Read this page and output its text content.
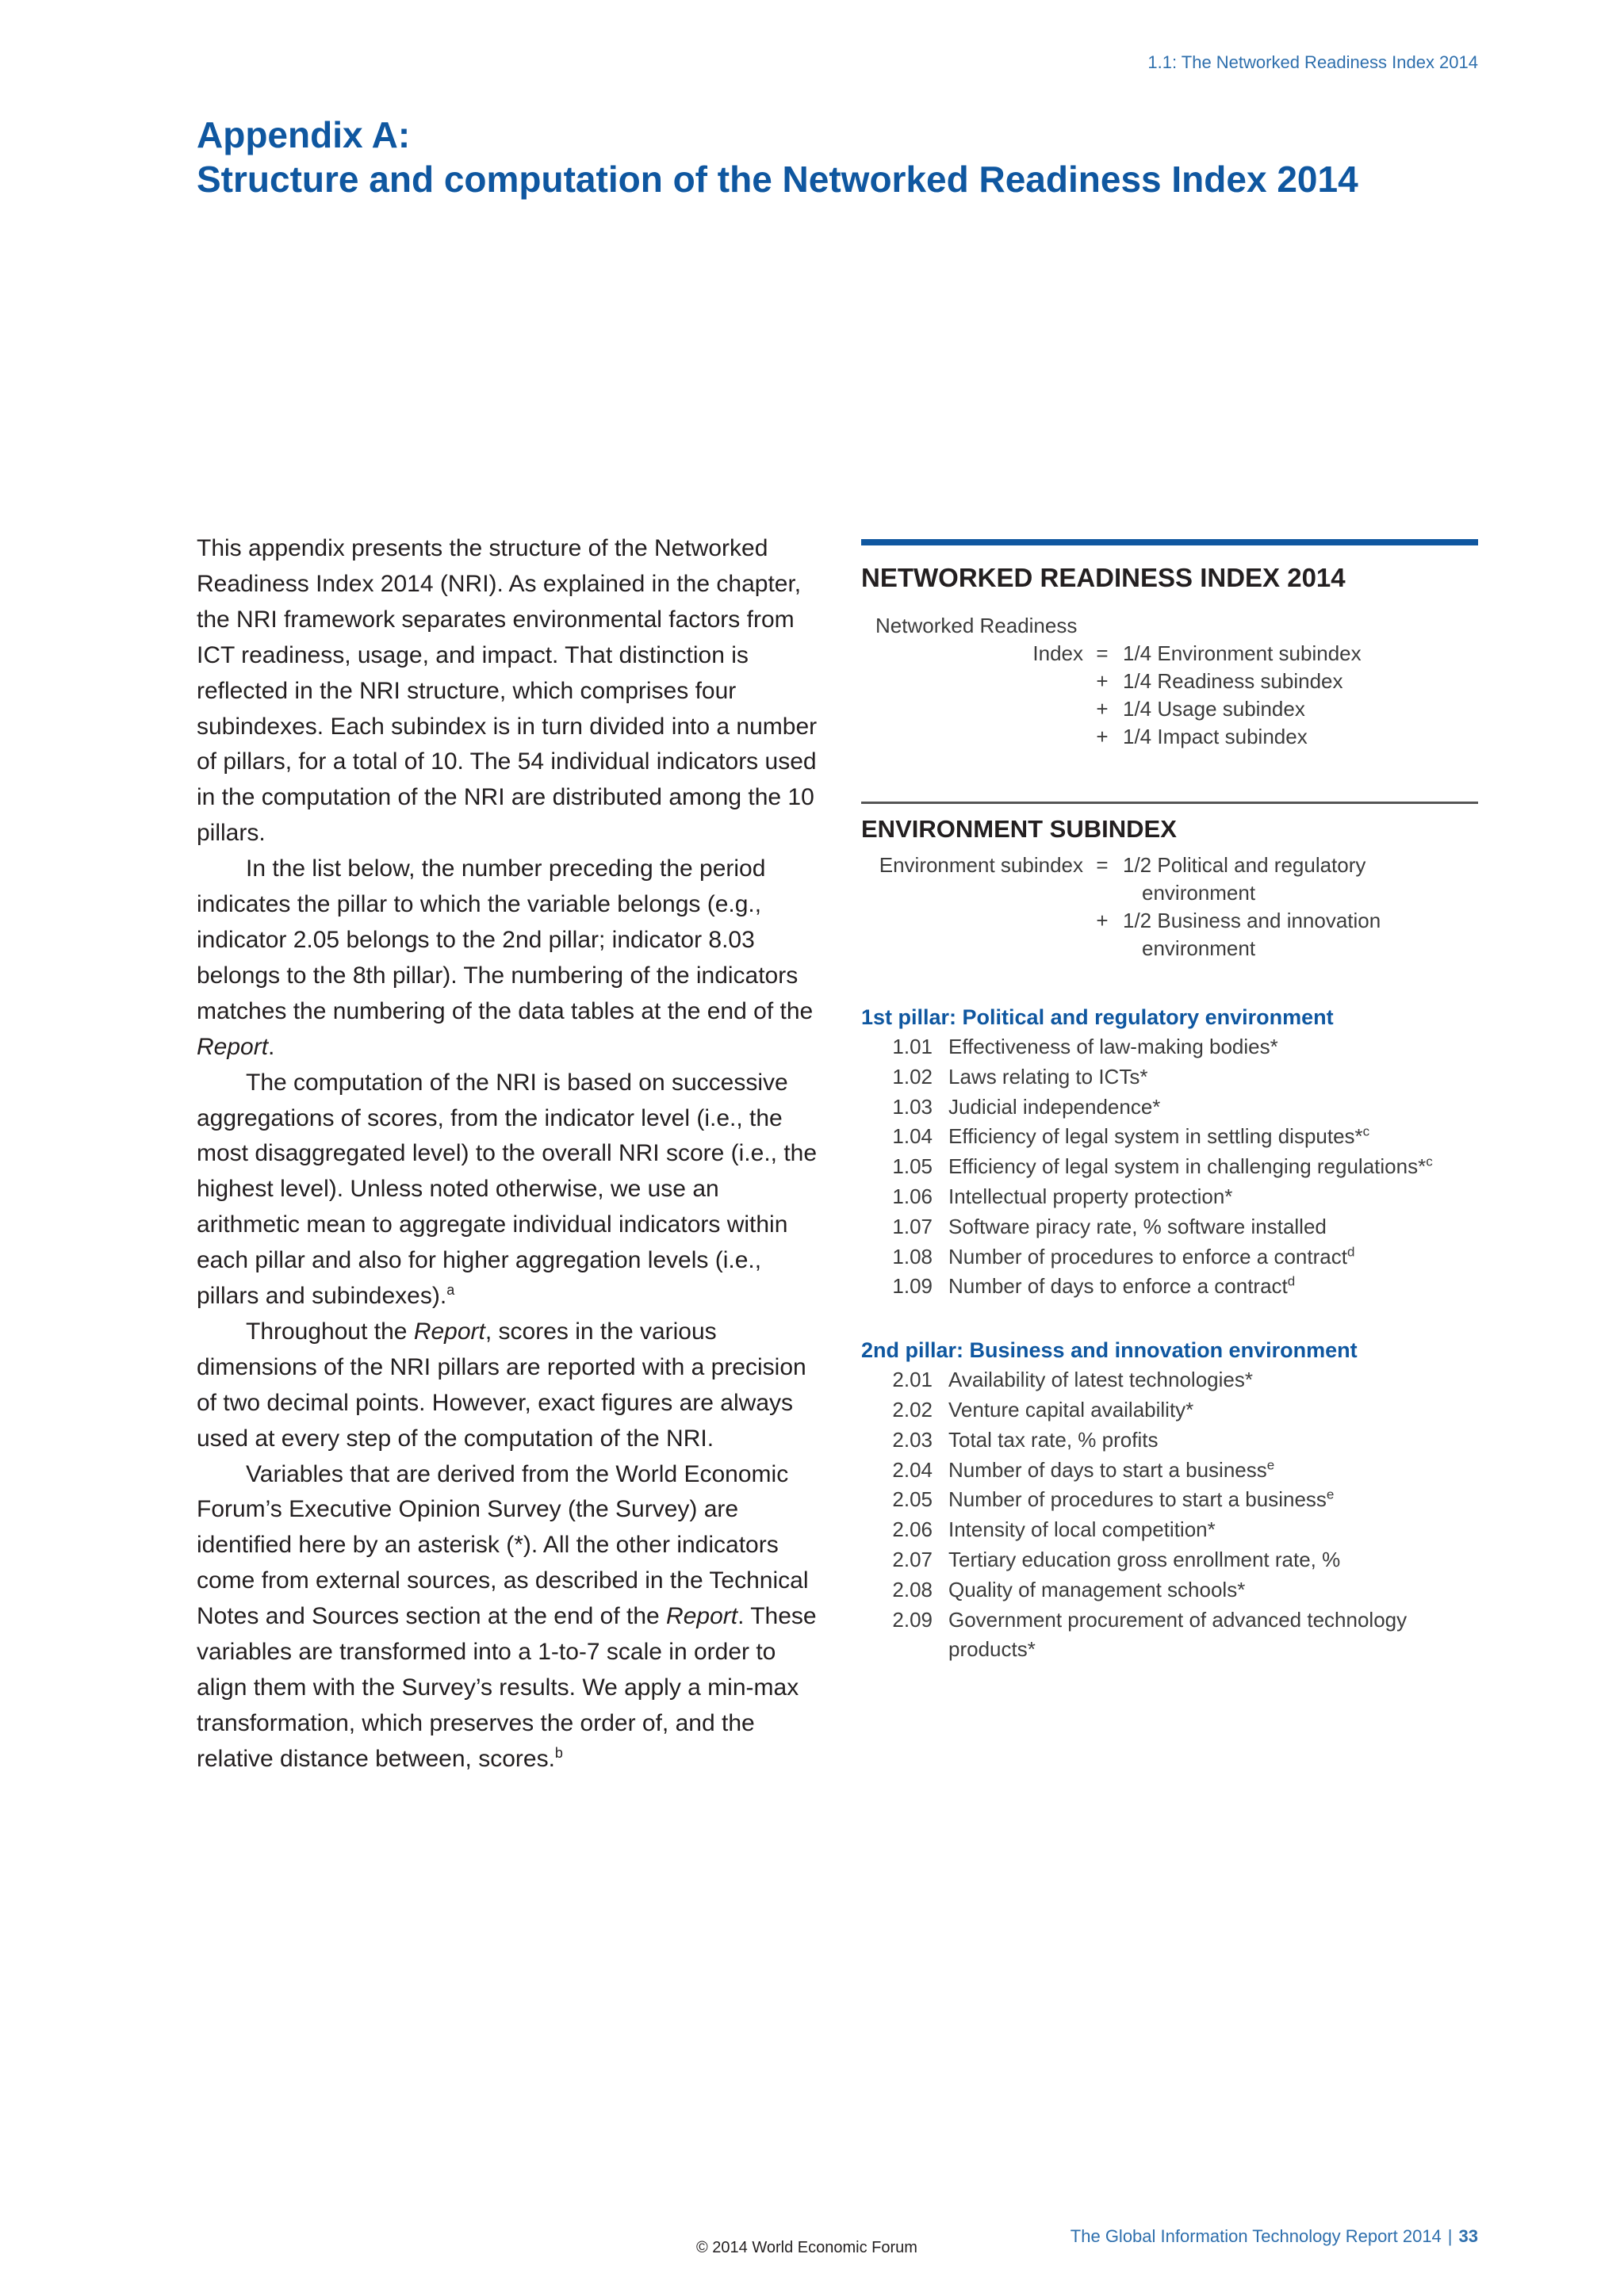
1.1: The Networked Readiness Index 2014
Appendix A:
Structure and computation of the Networked Readiness Index 2014

This appendix presents the structure of the Networked Readiness Index 2014 (NRI). As explained in the chapter, the NRI framework separates environmental factors from ICT readiness, usage, and impact. That distinction is reflected in the NRI structure, which comprises four subindexes. Each subindex is in turn divided into a number of pillars, for a total of 10. The 54 individual indicators used in the computation of the NRI are distributed among the 10 pillars.

In the list below, the number preceding the period indicates the pillar to which the variable belongs (e.g., indicator 2.05 belongs to the 2nd pillar; indicator 8.03 belongs to the 8th pillar). The numbering of the indicators matches the numbering of the data tables at the end of the Report.

The computation of the NRI is based on successive aggregations of scores, from the indicator level (i.e., the most disaggregated level) to the overall NRI score (i.e., the highest level). Unless noted otherwise, we use an arithmetic mean to aggregate individual indicators within each pillar and also for higher aggregation levels (i.e., pillars and subindexes).$^a$

Throughout the Report, scores in the various dimensions of the NRI pillars are reported with a precision of two decimal points. However, exact figures are always used at every step of the computation of the NRI.

Variables that are derived from the World Economic Forum’s Executive Opinion Survey (the Survey) are identified here by an asterisk (*). All the other indicators come from external sources, as described in the Technical Notes and Sources section at the end of the Report. These variables are transformed into a 1-to-7 scale in order to align them with the Survey’s results. We apply a min-max transformation, which preserves the order of, and the relative distance between, scores.$^b$

NETWORKED READINESS INDEX 2014
Networked Readiness
Index = 1/4 Environment subindex
+ 1/4 Readiness subindex
+ 1/4 Usage subindex
+ 1/4 Impact subindex
ENVIRONMENT SUBINDEX
Environment subindex = 1/2 Political and regulatory
environment
+ 1/2 Business and innovation
environment
1st pillar: Political and regulatory environment
1.01 Effectiveness of law-making bodies*
1.02 Laws relating to ICTs*
1.03 Judicial independence*
1.04 Efficiency of legal system in settling disputes*$^c$
1.05 Efficiency of legal system in challenging regulations*$^c$
1.06 Intellectual property protection*
1.07 Software piracy rate, % software installed
1.08 Number of procedures to enforce a contract$^d$
1.09 Number of days to enforce a contract$^d$
2nd pillar: Business and innovation environment
2.01 Availability of latest technologies*
2.02 Venture capital availability*
2.03 Total tax rate, % profits
2.04 Number of days to start a business$^e$
2.05 Number of procedures to start a business$^e$
2.06 Intensity of local competition*
2.07 Tertiary education gross enrollment rate, %
2.08 Quality of management schools*
2.09 Government procurement of advanced technology products*
The Global Information Technology Report 2014 | 33
© 2014 World Economic Forum
